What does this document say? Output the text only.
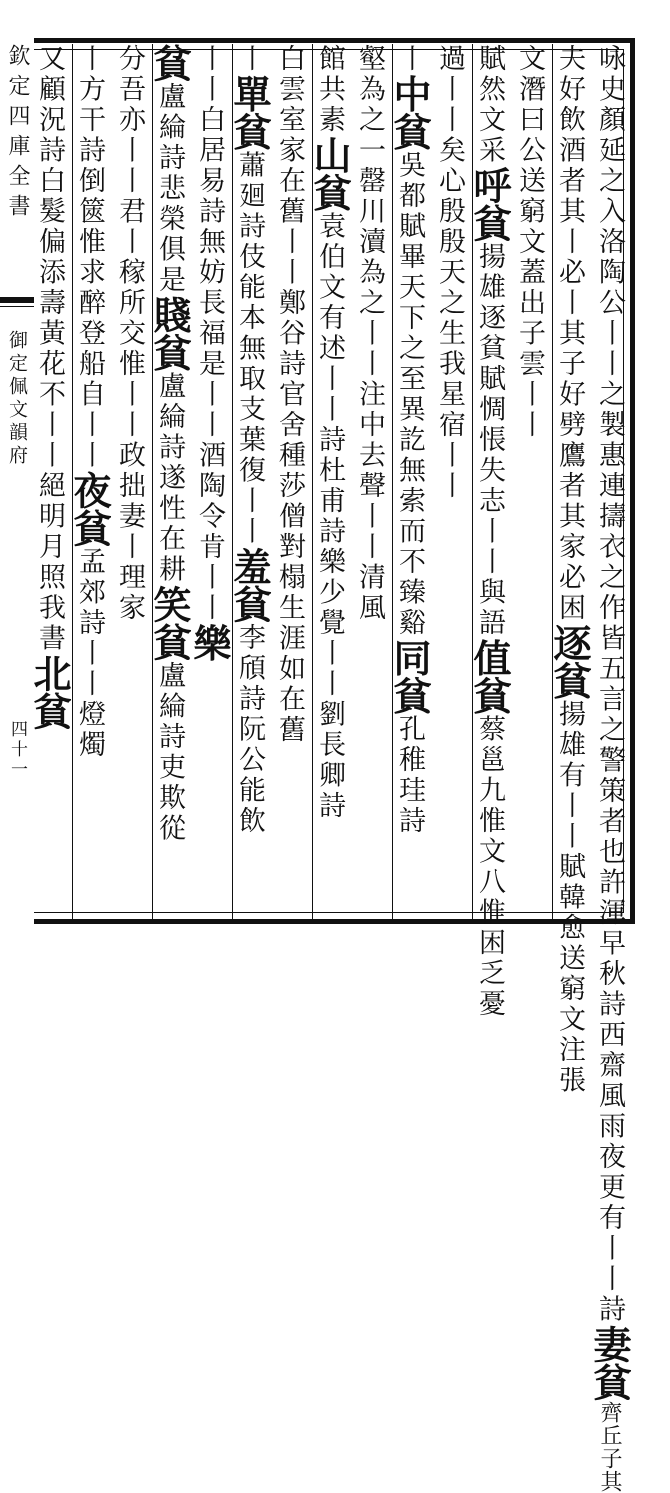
欽定四庫全書
御定佩文韻府
四十一	咏史顏延之入洛陶公丨丨之製惠連擣衣之作皆五言之警策者也許渾早秋詩西齋風雨夜更有丨丨詩妻貧齊丘子其
夫好飲酒者其丨必丨其子好劈鷹者其家必困逐貧揚雄有丨丨賦韓愈送窮文注張
文潛曰公送窮文蓋出子雲丨丨
賦然文采呼貧揚雄逐貧賦惆悵失志丨丨與語值貧蔡邕九惟文八惟困乏憂
過丨丨矣心殷殷天之生我星宿丨丨
丨中貧吳都賦畢天下之至異訖無索而不臻谿同貧孔稚珪詩
壑為之一罄川瀆為之丨丨注中去聲丨丨清風
館共素山貧袁伯文有述丨丨詩杜甫詩樂少覺丨丨劉長卿詩
白雲室家在舊丨丨鄭谷詩官舍種莎僧對榻生涯如在舊
丨單貧蕭廻詩伎能本無取支葉復丨丨羞貧李頎詩阮公能飲
丨丨白居易詩無妨長福是丨丨酒陶令肯丨丨樂
貧盧綸詩悲榮俱是賤貧盧綸詩遂性在耕笑貧盧綸詩吏欺從
分吾亦丨丨君丨稼所交惟丨丨政拙妻丨理家
丨方干詩倒篋惟求醉登船自丨丨夜貧孟郊詩丨丨燈燭
又顧況詩白髮偏添壽黃花不丨丨絕明月照我書北貧
